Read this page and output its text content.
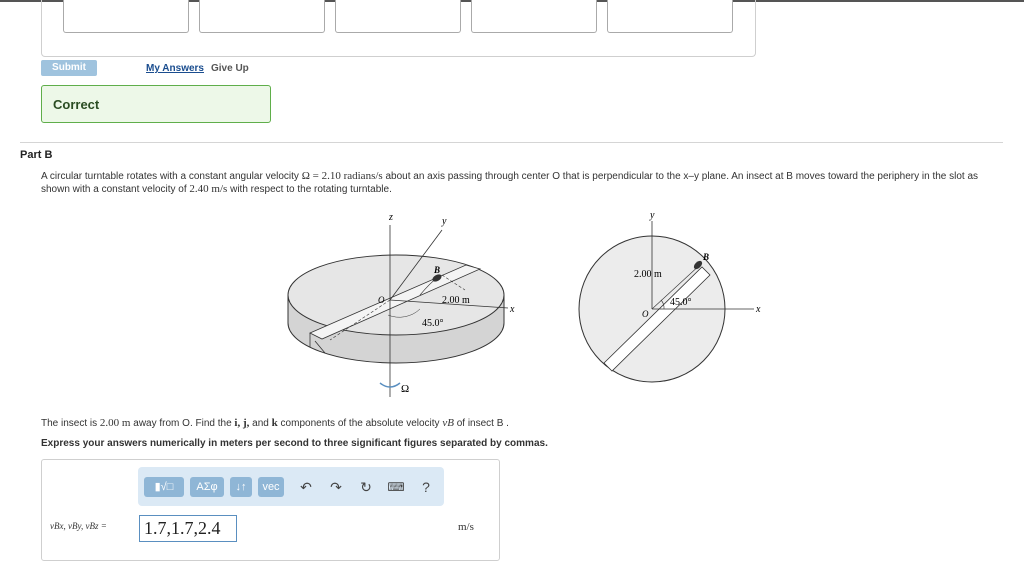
Submit	My Answers Give Up
Correct
Part B
A circular turntable rotates with a constant angular velocity Ω = 2.10 radians/s about an axis passing through center O that is perpendicular to the x–y plane. An insect at B moves toward the periphery in the slot as shown with a constant velocity of 2.40 m/s with respect to the rotating turntable.
z	y
x
B
O	2.00 m
45.0°
Ω
y
x
B
O
2.00 m
45.0°
The insect is 2.00 m away from O. Find the i, j, and k components of the absolute velocity vB of insect B .
Express your answers numerically in meters per second to three significant figures separated by commas.
▮√□	ΑΣφ	↓↑	vec	↶ ↷ ↻	⌨	?
vBx, vBy, vBz = 1.7,1.7,2.4	m/s
